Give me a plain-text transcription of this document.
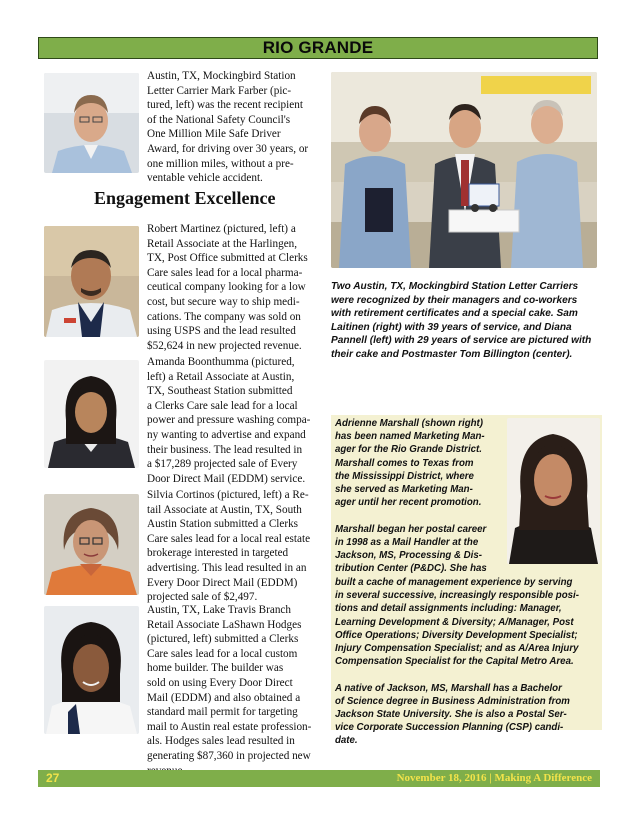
RIO GRANDE

Austin, TX, Mockingbird Station
Letter Carrier Mark Farber (pic-
tured, left) was the recent recipient
of the National Safety Council's
One Million Mile Safe Driver
Award, for driving over 30 years, or
one million miles, without a pre-
ventable vehicle accident.

Engagement Excellence

Robert Martinez (pictured, left) a
Retail Associate at the Harlingen,
TX, Post Office submitted at Clerks
Care sales lead for a local pharma-
ceutical company looking for a low
cost, but secure way to ship medi-
cations. The company was sold on
using USPS and the lead resulted
$52,624 in new projected revenue.

Amanda Boonthumma (pictured,
left) a Retail Associate at Austin,
TX, Southeast Station submitted
a Clerks Care sale lead for a local
power and pressure washing compa-
ny wanting to advertise and expand
their business. The lead resulted in
a $17,289 projected sale of Every
Door Direct Mail (EDDM) service.

Silvia Cortinos (pictured, left) a Re-
tail Associate at Austin, TX, South
Austin Station submitted a Clerks
Care sales lead for a local real estate
brokerage interested in targeted
advertising. This lead resulted in an
Every Door Direct Mail (EDDM)
projected sale of $2,497.

Austin, TX, Lake Travis Branch
Retail Associate LaShawn Hodges
(pictured, left) submitted a Clerks
Care sales lead for a local custom
home builder. The builder was
sold on using Every Door Direct
Mail (EDDM) and also obtained a
standard mail permit for targeting
mail to Austin real estate profession-
als. Hodges sales lead resulted in
generating $87,360 in projected new

Two Austin, TX, Mockingbird Station Letter Carriers
were recognized by their managers and co-workers
with retirement certificates and a special cake. Sam
Laitinen (right) with 39 years of service, and Diana
Pannell (left) with 29 years of service are pictured with
their cake and Postmaster Tom Billington (center).

Adrienne Marshall (shown right)
has been named Marketing Man-
ager for the Rio Grande District.
Marshall comes to Texas from
the Mississippi District, where
she served as Marketing Man-
ager until her recent promotion.

Marshall began her postal career
in 1998 as a Mail Handler at the
Jackson, MS, Processing & Dis-
tribution Center (P&DC). She has

built a cache of management experience by serving
in several successive, increasingly responsible posi-
tions and detail assignments including: Manager,
Learning Development & Diversity; A/Manager, Post
Office Operations; Diversity Development Specialist;
Injury Compensation Specialist; and as A/Area Injury
Compensation Specialist for the Capital Metro Area.

A native of Jackson, MS, Marshall has a Bachelor
of Science degree in Business Administration from
Jackson State University. She is also a Postal Ser-
vice Corporate Succession Planning (CSP) candi-
date.

27	November 18, 2016 | Making A Difference
